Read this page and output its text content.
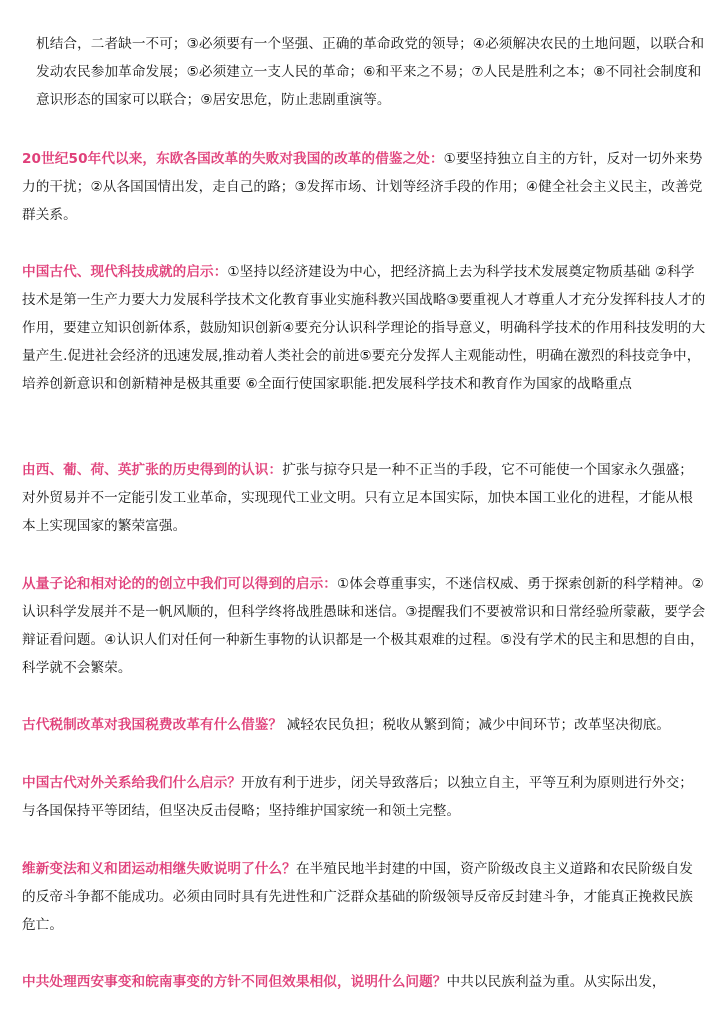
机结合，二者缺一不可；③必须要有一个坚强、正确的革命政党的领导；④必须解决农民的土地问题，以联合和发动农民参加革命发展；⑤必须建立一支人民的革命；⑥和平来之不易；⑦人民是胜利之本；⑧不同社会制度和意识形态的国家可以联合；⑨居安思危，防止悲剧重演等。
20世纪50年代以来，东欧各国改革的失败对我国的改革的借鉴之处：①要坚持独立自主的方针，反对一切外来势力的干扰；②从各国国情出发，走自己的路；③发挥市场、计划等经济手段的作用；④健全社会主义民主，改善党群关系。
中国古代、现代科技成就的启示：①坚持以经济建设为中心，把经济搞上去为科学技术发展奠定物质基础 ②科学技术是第一生产力要大力发展科学技术文化教育事业实施科教兴国战略③要重视人才尊重人才充分发挥科技人才的作用，要建立知识创新体系，鼓励知识创新④要充分认识科学理论的指导意义，明确科学技术的作用科技发明的大量产生.促进社会经济的迅速发展,推动着人类社会的前进⑤要充分发挥人主观能动性，明确在激烈的科技竞争中，培养创新意识和创新精神是极其重要 ⑥全面行使国家职能.把发展科学技术和教育作为国家的战略重点
由西、葡、荷、英扩张的历史得到的认识：扩张与掠夺只是一种不正当的手段，它不可能使一个国家永久强盛；对外贸易并不一定能引发工业革命，实现现代工业文明。只有立足本国实际，加快本国工业化的进程，才能从根本上实现国家的繁荣富强。
从量子论和相对论的的创立中我们可以得到的启示：①体会尊重事实，不迷信权威、勇于探索创新的科学精神。②认识科学发展并不是一帆风顺的，但科学终将战胜愚昧和迷信。③提醒我们不要被常识和日常经验所蒙蔽，要学会辩证看问题。④认识人们对任何一种新生事物的认识都是一个极其艰难的过程。⑤没有学术的民主和思想的自由，科学就不会繁荣。
古代税制改革对我国税费改革有什么借鉴？ 减轻农民负担；税收从繁到简；减少中间环节；改革坚决彻底。
中国古代对外关系给我们什么启示？开放有利于进步，闭关导致落后；以独立自主，平等互利为原则进行外交；与各国保持平等团结，但坚决反击侵略；坚持维护国家统一和领土完整。
维新变法和义和团运动相继失败说明了什么？在半殖民地半封建的中国，资产阶级改良主义道路和农民阶级自发的反帝斗争都不能成功。必须由同时具有先进性和广泛群众基础的阶级领导反帝反封建斗争，才能真正挽救民族危亡。
中共处理西安事变和皖南事变的方针不同但效果相似，说明什么问题？中共以民族利益为重。从实际出发，
